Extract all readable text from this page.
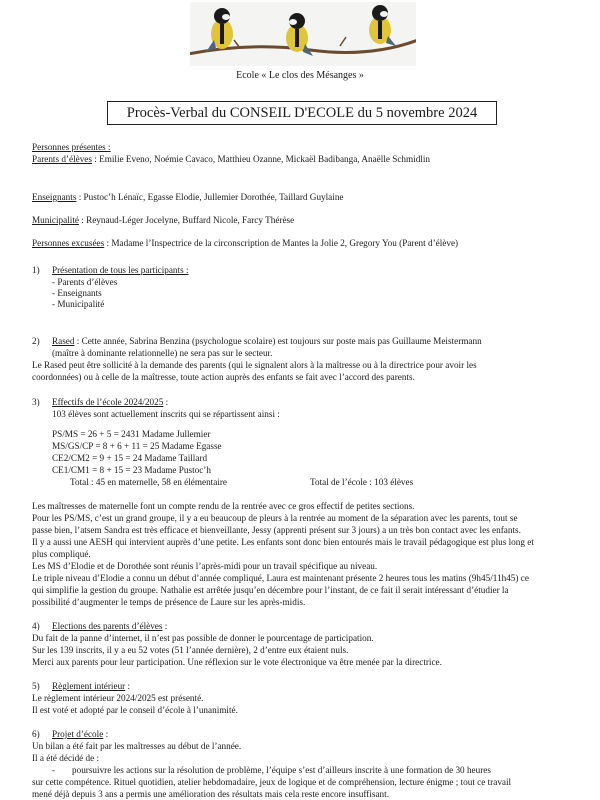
Ecole « Le clos des Mésanges »
Procès-Verbal du CONSEIL D'ECOLE du 5 novembre 2024
Personnes présentes :
Parents d’élèves : Emilie Eveno, Noémie Cavaco, Matthieu Ozanne, Mickaël Badibanga, Anaëlle Schmidlin
Enseignants : Pustoc’h Lénaïc, Egasse Elodie, Jullemier Dorothée, Taillard Guylaine
Municipalité : Reynaud-Léger Jocelyne, Buffard Nicole, Farcy Thérèse
Personnes excusées : Madame l’Inspectrice de la circonscription de Mantes la Jolie 2, Gregory You (Parent d’élève)
1) Présentation de tous les participants :
- Parents d’élèves
- Enseignants
- Municipalité
2) Rased : Cette année, Sabrina Benzina (psychologue scolaire) est toujours sur poste mais pas Guillaume Meistermann
(maître à dominante relationnelle) ne sera pas sur le secteur.
Le Rased peut être sollicité à la demande des parents (qui le signalent alors à la maîtresse ou à la directrice pour avoir les
coordonnées) ou à celle de la maîtresse, toute action auprès des enfants se fait avec l’accord des parents.
3) Effectifs de l’école 2024/2025 :
103 élèves sont actuellement inscrits qui se répartissent ainsi :
PS/MS = 26 + 5 = 2431 Madame Jullemier
MS/GS/CP = 8 + 6 + 11 = 25 Madame Egasse
CE2/CM2 = 9 + 15 = 24 Madame Taillard
CE1/CM1 = 8 + 15 = 23 Madame Pustoc’h
Total : 45 en maternelle, 58 en élémentaire	Total de l’école : 103 élèves
Les maîtresses de maternelle font un compte rendu de la rentrée avec ce gros effectif de petites sections.
Pour les PS/MS, c’est un grand groupe, il y a eu beaucoup de pleurs à la rentrée au moment de la séparation avec les parents, tout se
passe bien, l’atsem Sandra est très efficace et bienveillante, Jessy (apprenti présent sur 3 jours) a un très bon contact avec les enfants.
Il y a aussi une AESH qui intervient auprès d’une petite. Les enfants sont donc bien entourés mais le travail pédagogique est plus long et
plus compliqué.
Les MS d’Elodie et de Dorothée sont réunis l’après-midi pour un travail spécifique au niveau.
Le triple niveau d’Elodie a connu un début d’année compliqué, Laura est maintenant présente 2 heures tous les matins (9h45/11h45) ce
qui simplifie la gestion du groupe. Nathalie est arrêtée jusqu’en décembre pour l’instant, de ce fait il serait intéressant d’étudier la
possibilité d’augmenter le temps de présence de Laure sur les après-midis.
4) Elections des parents d’élèves :
Du fait de la panne d’internet, il n’est pas possible de donner le pourcentage de participation.
Sur les 139 inscrits, il y a eu 52 votes (51 l’année dernière), 2 d’entre eux étaient nuls.
Merci aux parents pour leur participation. Une réflexion sur le vote électronique va être menée par la directrice.
5) Règlement intérieur :
Le règlement intérieur 2024/2025 est présenté.
Il est voté et adopté par le conseil d’école à l’unanimité.
6) Projet d’école :
Un bilan a été fait par les maîtresses au début de l’année.
Il a été décidé de :
- poursuivre les actions sur la résolution de problème, l’équipe s’est d’ailleurs inscrite à une formation de 30 heures
sur cette compétence. Rituel quotidien, atelier hebdomadaire, jeux de logique et de compréhension, lecture énigme ; tout ce travail
mené déjà depuis 3 ans a permis une amélioration des résultats mais cela reste encore insuffisant.
